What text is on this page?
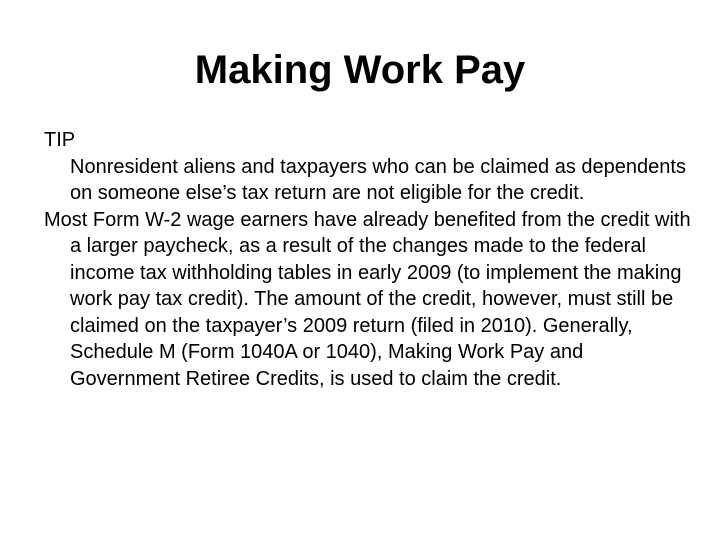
Making Work Pay

TIP

Nonresident aliens and taxpayers who can be claimed as dependents on someone else’s tax return are not eligible for the credit.

Most Form W-2 wage earners have already benefited from the credit with a larger paycheck, as a result of the changes made to the federal income tax withholding tables in early 2009 (to implement the making work pay tax credit). The amount of the credit, however, must still be claimed on the taxpayer’s 2009 return (filed in 2010). Generally, Schedule M (Form 1040A or 1040), Making Work Pay and Government Retiree Credits, is used to claim the credit.
